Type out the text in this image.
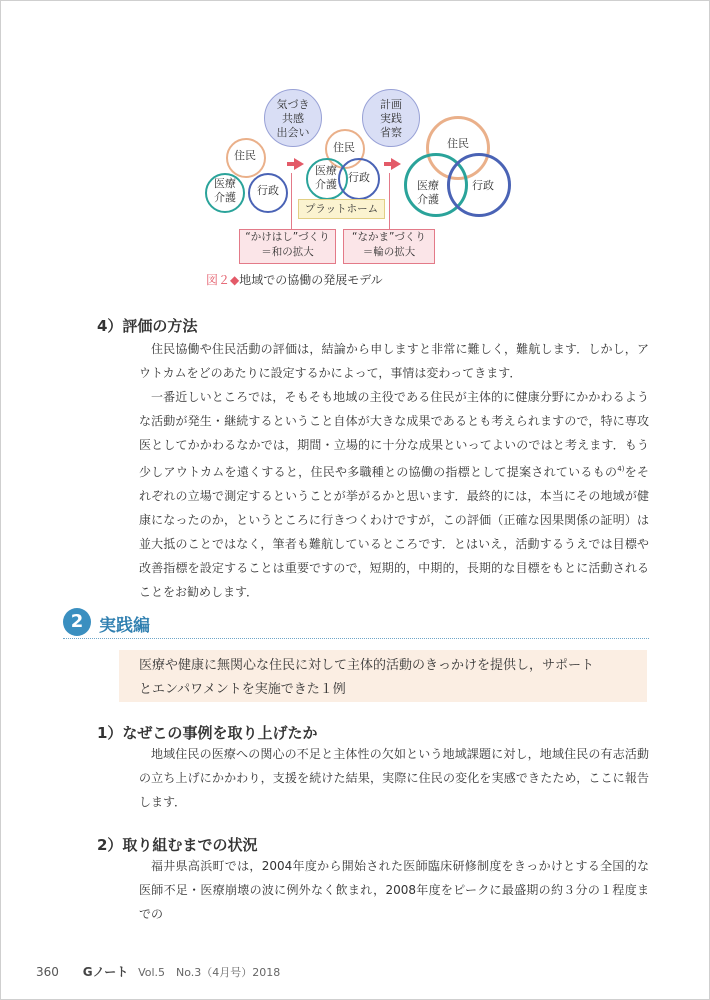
住民
医療
介護
行政
気づき
共感
出会い
住民
医療
介護
行政
計画
実践
省察
住民
医療
介護
行政
プラットホーム
“かけはし”づくり
＝和の拡大
“なかま”づくり
＝輪の拡大
図２◆地域での協働の発展モデル
4）評価の方法

住民協働や住民活動の評価は，結論から申しますと非常に難しく，難航します．しかし，アウトカムをどのあたりに設定するかによって，事情は変わってきます．

一番近しいところでは，そもそも地域の主役である住民が主体的に健康分野にかかわるような活動が発生・継続するということ自体が大きな成果であるとも考えられますので，特に専攻医としてかかわるなかでは，期間・立場的に十分な成果といってよいのではと考えます．もう少しアウトカムを遠くすると，住民や多職種との協働の指標として提案されているもの$^{4)}$をそれぞれの立場で測定するということが挙がるかと思います．最終的には，本当にその地域が健康になったのか，というところに行きつくわけですが，この評価（正確な因果関係の証明）は並大抵のことではなく，筆者も難航しているところです．とはいえ，活動するうえでは目標や改善指標を設定することは重要ですので，短期的，中期的，長期的な目標をもとに活動されることをお勧めします．

2 実践編
医療や健康に無関心な住民に対して主体的活動のきっかけを提供し，サポート
とエンパワメントを実施できた１例
1）なぜこの事例を取り上げたか

地域住民の医療への関心の不足と主体性の欠如という地域課題に対し，地域住民の有志活動の立ち上げにかかわり，支援を続けた結果，実際に住民の変化を実感できたため，ここに報告します．

2）取り組むまでの状況

福井県高浜町では，2004年度から開始された医師臨床研修制度をきっかけとする全国的な医師不足・医療崩壊の波に例外なく飲まれ，2008年度をピークに最盛期の約３分の１程度までの

360 Gノート Vol.5　No.3（4月号）2018
